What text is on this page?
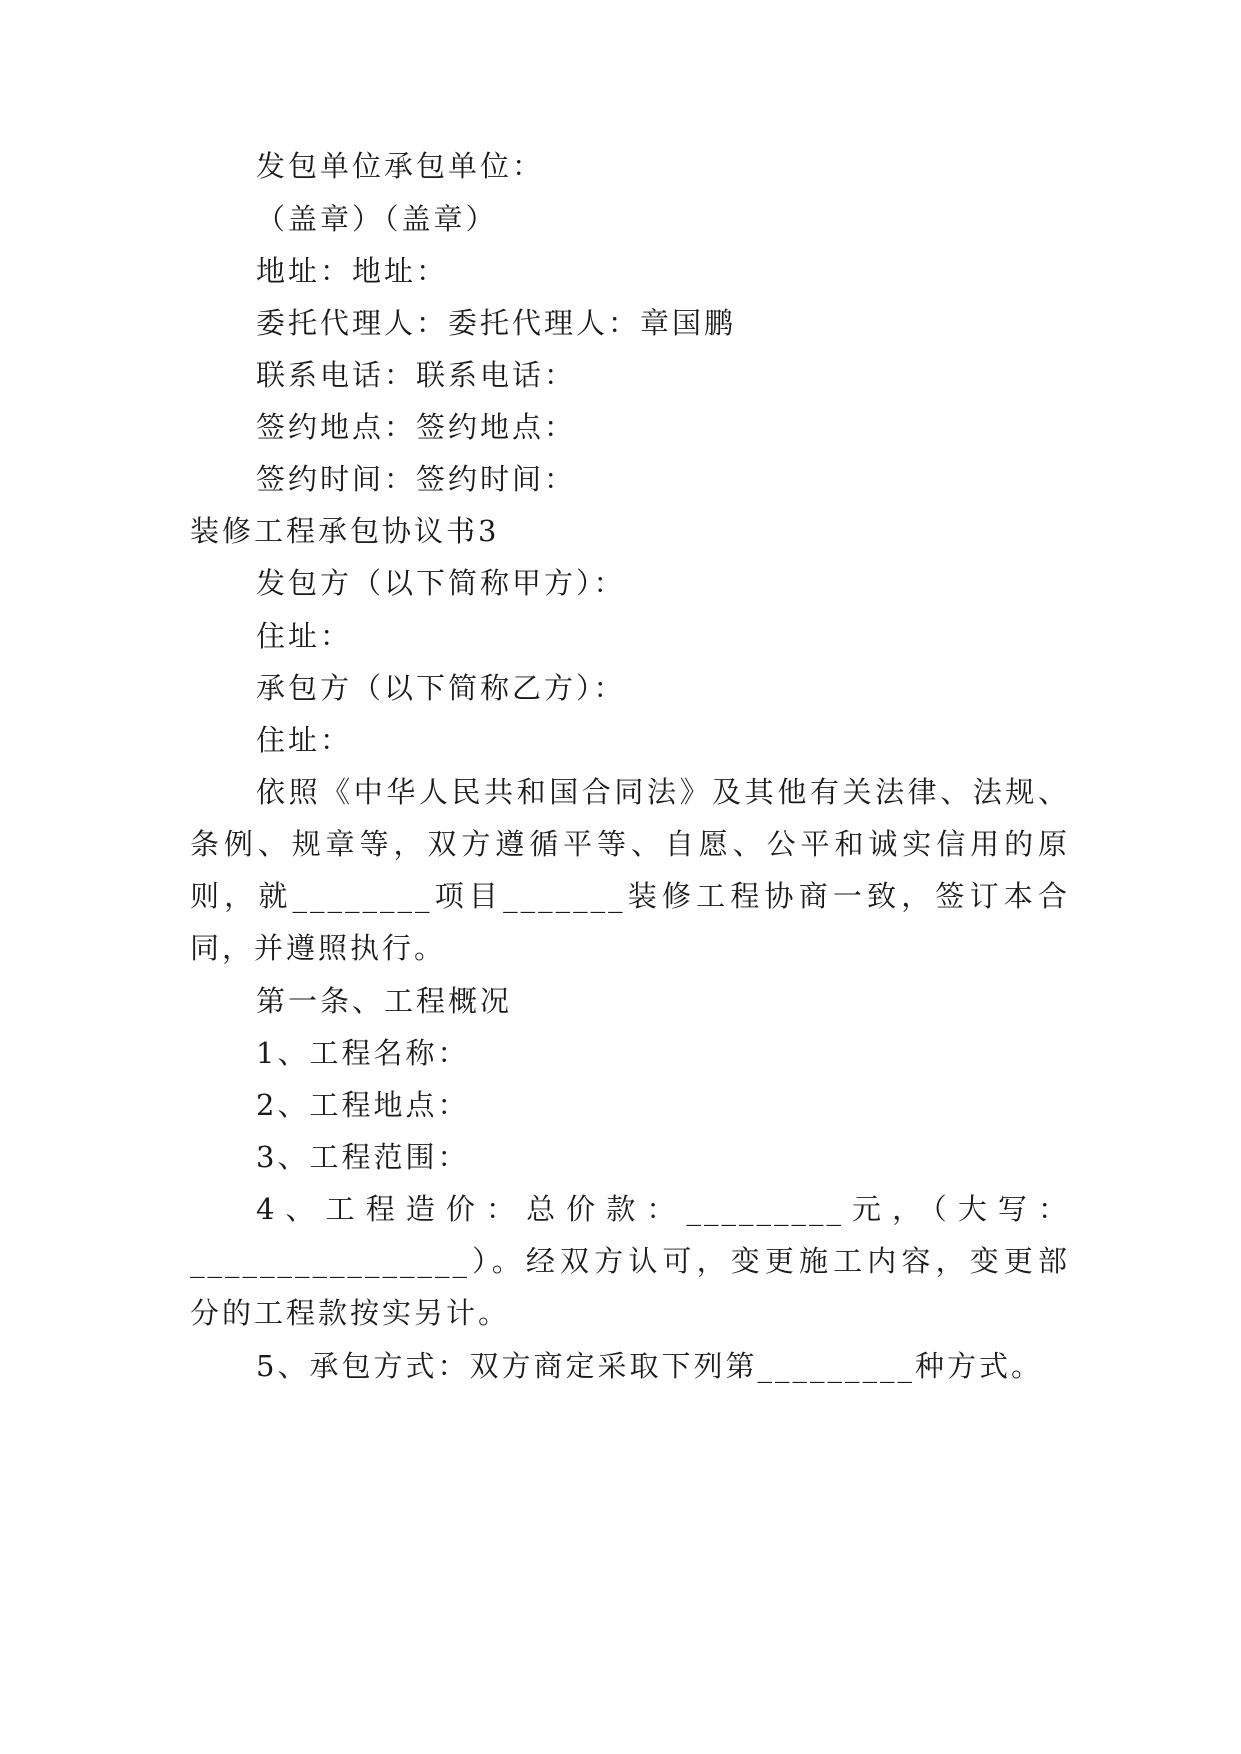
发包单位承包单位：
（盖章）（盖章）
地址：地址：
委托代理人：委托代理人：章国鹏
联系电话：联系电话：
签约地点：签约地点：
签约时间：签约时间：
装修工程承包协议书3
发包方（以下简称甲方）：
住址：
承包方（以下简称乙方）：
住址：
依照《中华人民共和国合同法》及其他有关法律、法规、
条例、规章等，双方遵循平等、自愿、公平和诚实信用的原
则，就________项目_______装修工程协商一致，签订本合
同，并遵照执行。
第一条、工程概况
1、工程名称：
2、工程地点：
3、工程范围：
4、工程造价：总价款：_________元，（大写：
________________）。经双方认可，变更施工内容，变更部
分的工程款按实另计。
5、承包方式：双方商定采取下列第_________种方式。
